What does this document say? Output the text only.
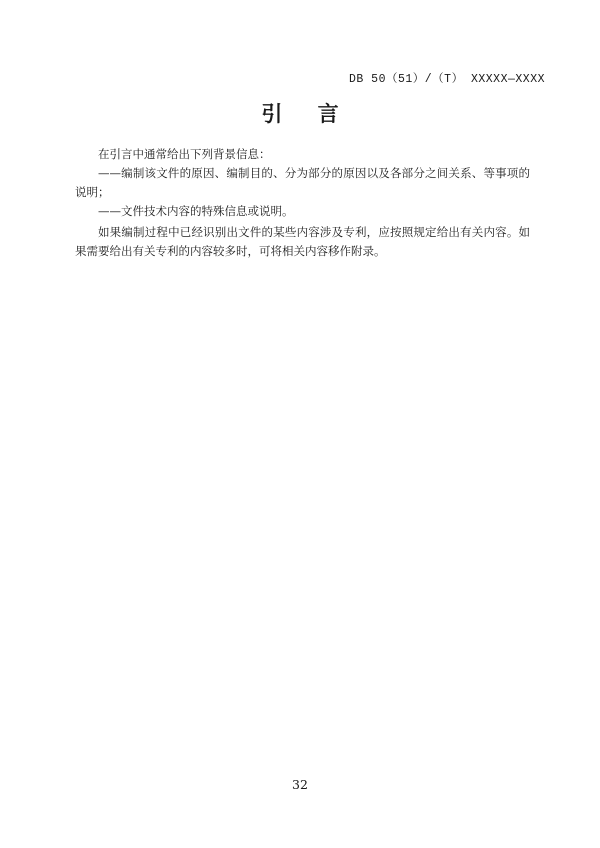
DB 50（51）/（T） XXXXX—XXXX
引 言

在引言中通常给出下列背景信息：

——编制该文件的原因、编制目的、分为部分的原因以及各部分之间关系、等事项的说明；

——文件技术内容的特殊信息或说明。

如果编制过程中已经识别出文件的某些内容涉及专利，应按照规定给出有关内容。如果需要给出有关专利的内容较多时，可将相关内容移作附录。

32
